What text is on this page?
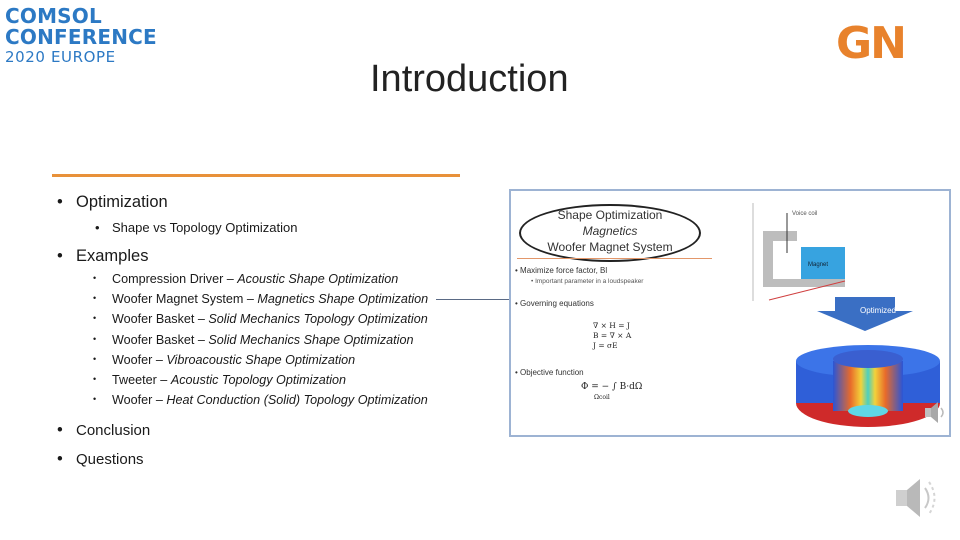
COMSOL
CONFERENCE
2020 EUROPE	GN
Introduction
• Optimization
• Shape vs Topology Optimization
• Examples
• Compression Driver – Acoustic Shape Optimization
• Woofer Magnet System – Magnetics Shape Optimization
• Woofer Basket – Solid Mechanics Topology Optimization
• Woofer Basket – Solid Mechanics Shape Optimization
• Woofer – Vibroacoustic Shape Optimization
• Tweeter – Acoustic Topology Optimization
• Woofer – Heat Conduction (Solid) Topology Optimization
• Conclusion
• Questions
Shape Optimization
Magnetics
Woofer Magnet System
• Maximize force factor, Bl
• Important parameter in a loudspeaker
• Governing equations
∇ × H = J
B = ∇ × A
J = σE
• Objective function
Φ = − ∫ B·dΩ
Ωcoil
Voice coil
Magnet
Optimized
